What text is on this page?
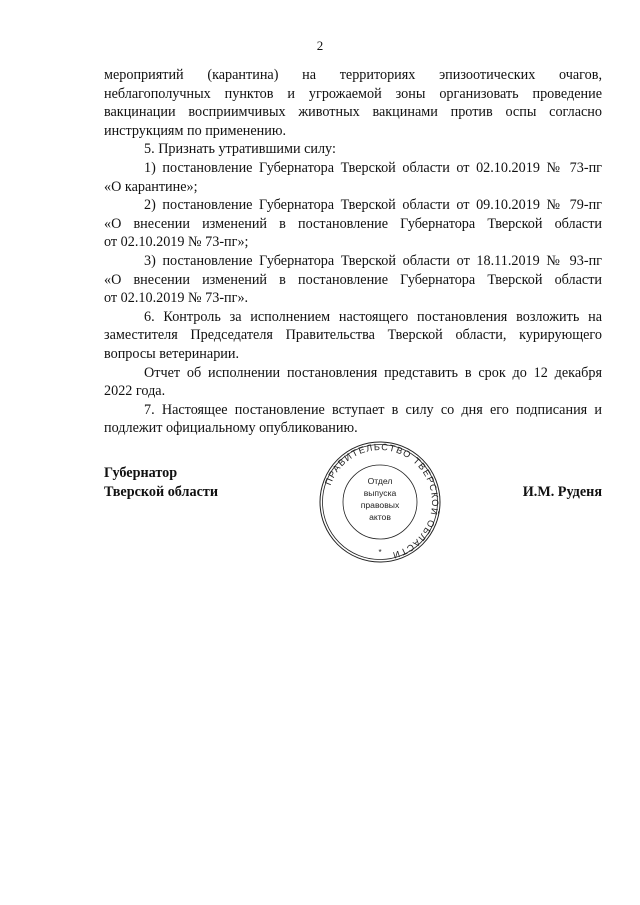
2

мероприятий (карантина) на территориях эпизоотических очагов,

неблагополучных пунктов и угрожаемой зоны организовать проведение

вакцинации восприимчивых животных вакцинами против оспы согласно

инструкциям по применению.

5. Признать утратившими силу:

1) постановление Губернатора Тверской области от 02.10.2019 № 73-пг

«О карантине»;

2) постановление Губернатора Тверской области от 09.10.2019 № 79-пг

«О внесении изменений в постановление Губернатора Тверской области

от 02.10.2019 № 73-пг»;

3) постановление Губернатора Тверской области от 18.11.2019 № 93-пг

«О внесении изменений в постановление Губернатора Тверской области

от 02.10.2019 № 73-пг».

6. Контроль за исполнением настоящего постановления возложить на заместителя Председателя Правительства Тверской области, курирующего вопросы ветеринарии.

Отчет об исполнении постановления представить в срок до 12 декабря 2022 года.

7. Настоящее постановление вступает в силу со дня его подписания и подлежит официальному опубликованию.

Губернатор
Тверской области
ПРАВИТЕЛЬСТВО ТВЕРСКОЙ ОБЛАСТИ
*
Отдел
выпуска
правовых
актов
И.М. Руденя
